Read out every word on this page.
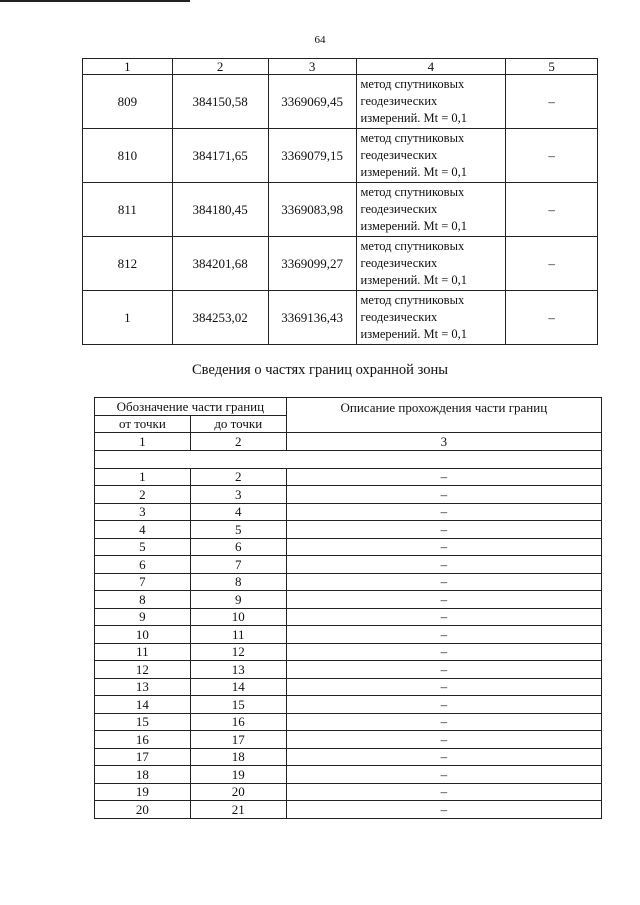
64
1	2	3	4	5
809	384150,58	3369069,45	метод спутниковых
геодезических
измерений. Mt = 0,1	–
810	384171,65	3369079,15	метод спутниковых
геодезических
измерений. Mt = 0,1	–
811	384180,45	3369083,98	метод спутниковых
геодезических
измерений. Mt = 0,1	–
812	384201,68	3369099,27	метод спутниковых
геодезических
измерений. Mt = 0,1	–
1	384253,02	3369136,43	метод спутниковых
геодезических
измерений. Mt = 0,1	–
Сведения о частях границ охранной зоны
Обозначение части границ		Описание прохождения части границ
от точки	до точки	
1	2	3

1	2	–
2	3	–
3	4	–
4	5	–
5	6	–
6	7	–
7	8	–
8	9	–
9	10	–
10	11	–
11	12	–
12	13	–
13	14	–
14	15	–
15	16	–
16	17	–
17	18	–
18	19	–
19	20	–
20	21	–
